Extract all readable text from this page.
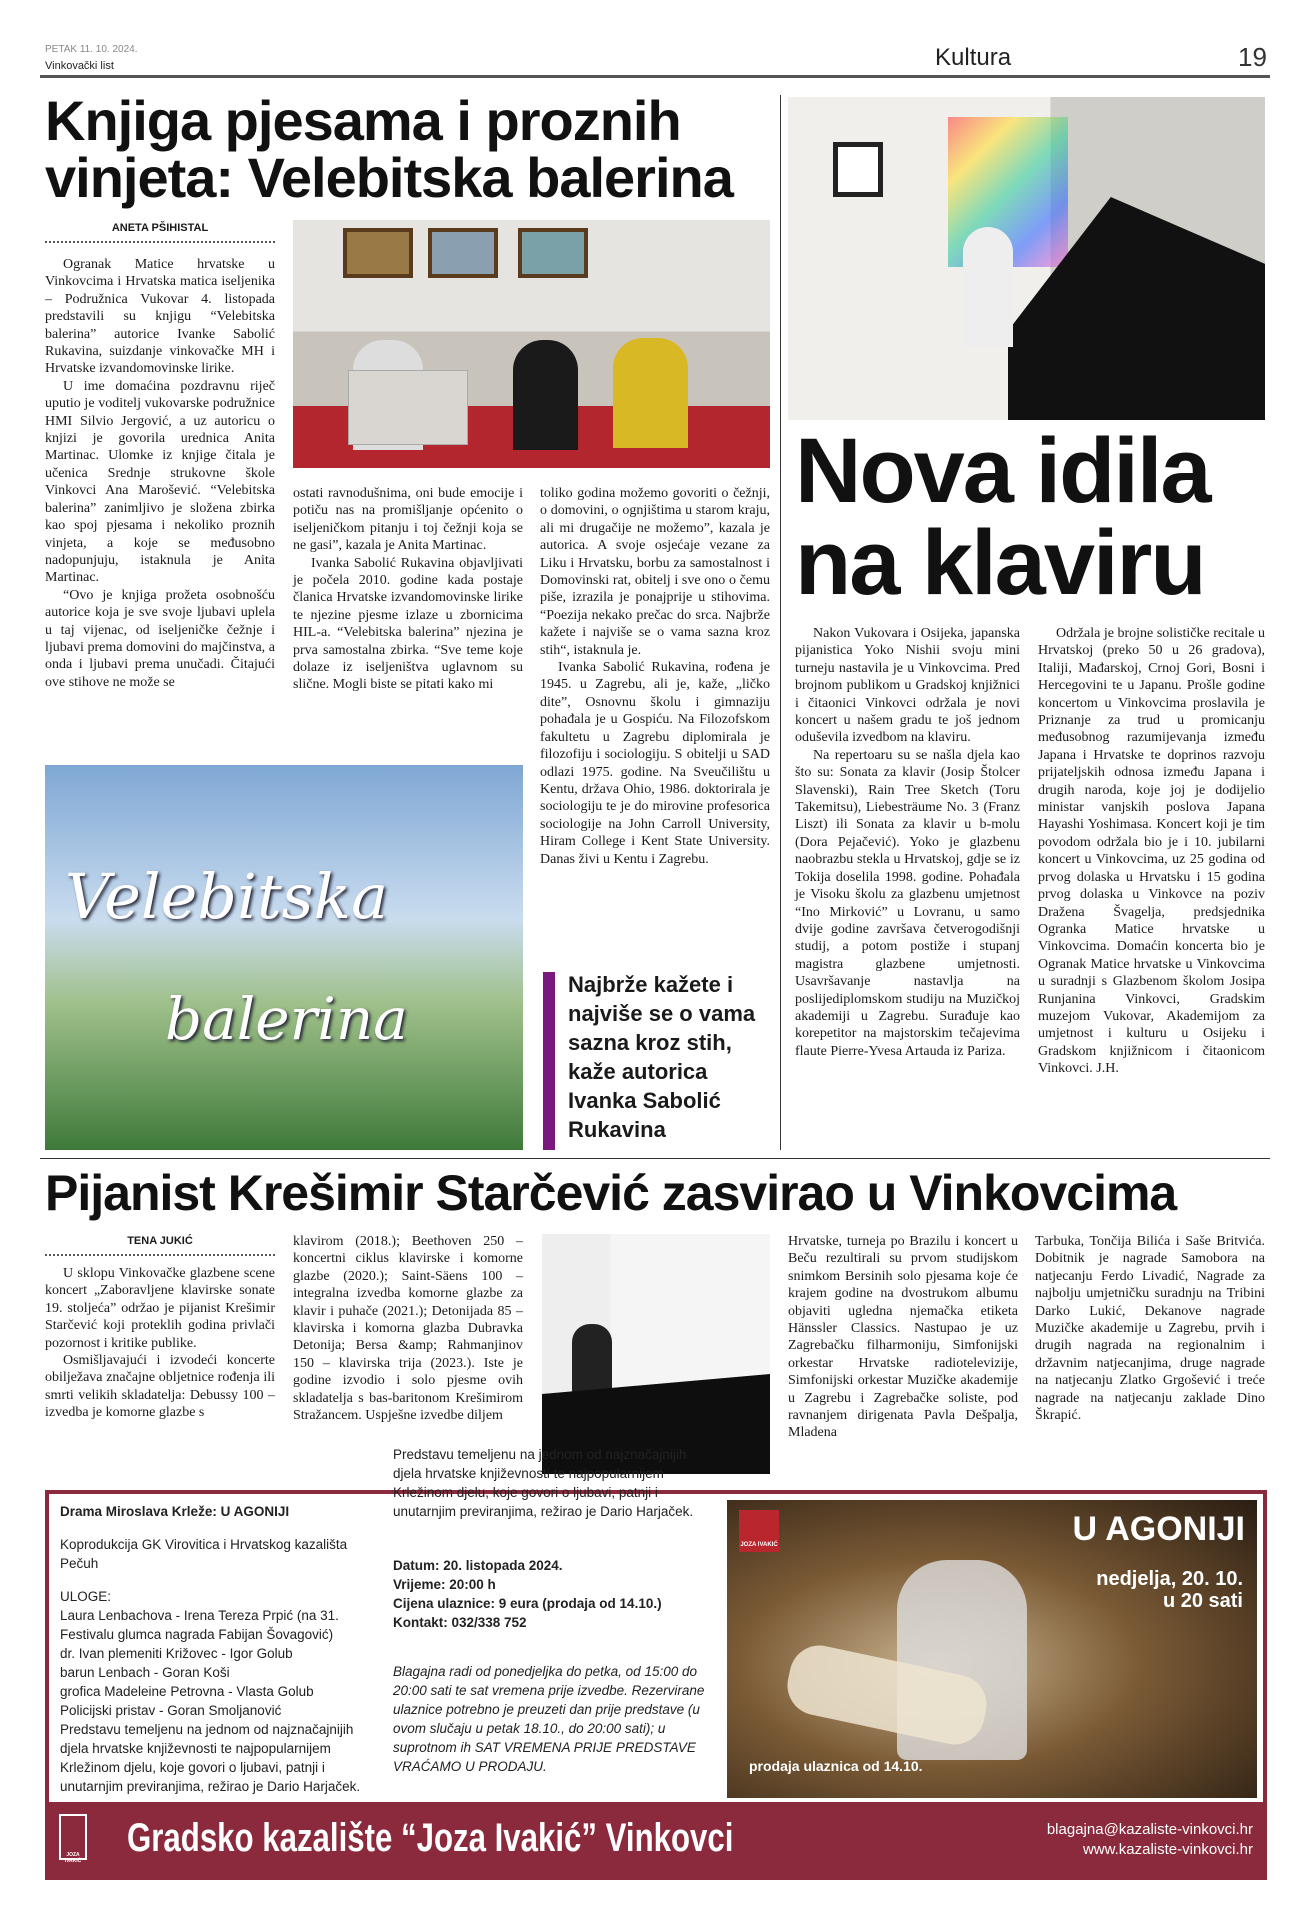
PETAK 11. 10. 2024.
Vinkovački list	Kultura	19
Knjiga pjesama i proznih vinjeta: Velebitska balerina
ANETA PŠIHISTAL

Ogranak Matice hrvatske u Vinkovcima i Hrvatska matica iseljenika – Podružnica Vukovar 4. listopada predstavili su knjigu “Velebitska balerina” autorice Ivanke Sabolić Rukavina, suizdanje vinkovačke MH i Hrvatske izvandomovinske lirike.

U ime domaćina pozdravnu riječ uputio je voditelj vukovarske podružnice HMI Silvio Jergović, a uz autoricu o knjizi je govorila urednica Anita Martinac. Ulomke iz knjige čitala je učenica Srednje strukovne škole Vinkovci Ana Marošević. “Velebitska balerina” zanimljivo je složena zbirka kao spoj pjesama i nekoliko proznih vinjeta, a koje se međusobno nadopunjuju, istaknula je Anita Martinac.

“Ovo je knjiga prožeta osobnošću autorice koja je sve svoje ljubavi uplela u taj vijenac, od iseljeničke čežnje i ljubavi prema domovini do majčinstva, a onda i ljubavi prema unučadi. Čitajući ove stihove ne može se

ostati ravnodušnima, oni bude emocije i potiču nas na promišljanje općenito o iseljeničkom pitanju i toj čežnji koja se ne gasi”, kazala je Anita Martinac.

Ivanka Sabolić Rukavina objavljivati je počela 2010. godine kada postaje članica Hrvatske izvandomovinske lirike te njezine pjesme izlaze u zbornicima HIL-a. “Velebitska balerina” njezina je prva samostalna zbirka. “Sve teme koje dolaze iz iseljeništva uglavnom su slične. Mogli biste se pitati kako mi

toliko godina možemo govoriti o čežnji, o domovini, o ognjištima u starom kraju, ali mi drugačije ne možemo”, kazala je autorica. A svoje osjećaje vezane za Liku i Hrvatsku, borbu za samostalnost i Domovinski rat, obitelj i sve ono o čemu piše, izrazila je ponajprije u stihovima. “Poezija nekako prečac do srca. Najbrže kažete i najviše se o vama sazna kroz stih“, istaknula je.

Ivanka Sabolić Rukavina, rođena je 1945. u Zagrebu, ali je, kaže, „ličko dite”, Osnovnu školu i gimnaziju pohađala je u Gospiću. Na Filozofskom fakultetu u Zagrebu diplomirala je filozofiju i sociologiju. S obitelji u SAD odlazi 1975. godine. Na Sveučilištu u Kentu, država Ohio, 1986. doktorirala je sociologiju te je do mirovine profesorica sociologije na John Carroll University, Hiram College i Kent State University. Danas živi u Kentu i Zagrebu.

Velebitska
balerina
Najbrže kažete i najviše se o vama sazna kroz stih, kaže autorica Ivanka Sabolić Rukavina
Nova idila na klaviru

Nakon Vukovara i Osijeka, japanska pijanistica Yoko Nishii svoju mini turneju nastavila je u Vinkovcima. Pred brojnom publikom u Gradskoj knjižnici i čitaonici Vinkovci održala je novi koncert u našem gradu te još jednom oduševila izvedbom na klaviru.

Na repertoaru su se našla djela kao što su: Sonata za klavir (Josip Štolcer Slavenski), Rain Tree Sketch (Toru Takemitsu), Liebesträume No. 3 (Franz Liszt) ili Sonata za klavir u b-molu (Dora Pejačević). Yoko je glazbenu naobrazbu stekla u Hrvatskoj, gdje se iz Tokija doselila 1998. godine. Pohađala je Visoku školu za glazbenu umjetnost “Ino Mirković” u Lovranu, u samo dvije godine završava četverogodišnji studij, a potom postiže i stupanj magistra glazbene umjetnosti. Usavršavanje nastavlja na poslijediplomskom studiju na Muzičkoj akademiji u Zagrebu. Surađuje kao korepetitor na majstorskim tečajevima flaute Pierre-Yvesa Artauda iz Pariza.

Održala je brojne solističke recitale u Hrvatskoj (preko 50 u 26 gradova), Italiji, Mađarskoj, Crnoj Gori, Bosni i Hercegovini te u Japanu. Prošle godine koncertom u Vinkovcima proslavila je Priznanje za trud u promicanju međusobnog razumijevanja između Japana i Hrvatske te doprinos razvoju prijateljskih odnosa između Japana i drugih naroda, koje joj je dodijelio ministar vanjskih poslova Japana Hayashi Yoshimasa. Koncert koji je tim povodom održala bio je i 10. jubilarni koncert u Vinkovcima, uz 25 godina od prvog dolaska u Hrvatsku i 15 godina prvog dolaska u Vinkovce na poziv Dražena Švagelja, predsjednika Ogranka Matice hrvatske u Vinkovcima. Domaćin koncerta bio je Ogranak Matice hrvatske u Vinkovcima u suradnji s Glazbenom školom Josipa Runjanina Vinkovci, Gradskim muzejom Vukovar, Akademijom za umjetnost i kulturu u Osijeku i Gradskom knjižnicom i čitaonicom Vinkovci. J.H.

Pijanist Krešimir Starčević zasvirao u Vinkovcima
TENA JUKIĆ

U sklopu Vinkovačke glazbene scene koncert „Zaboravljene klavirske sonate 19. stoljeća” održao je pijanist Krešimir Starčević koji proteklih godina privlači pozornost i kritike publike.

Osmišljavajući i izvodeći koncerte obilježava značajne obljetnice rođenja ili smrti velikih skladatelja: Debussy 100 – izvedba je komorne glazbe s

klavirom (2018.); Beethoven 250 – koncertni ciklus klavirske i komorne glazbe (2020.); Saint-Säens 100 – integralna izvedba komorne glazbe za klavir i puhače (2021.); Detonijada 85 – klavirska i komorna glazba Dubravka Detonija; Bersa &amp; Rahmanjinov 150 – klavirska trija (2023.). Iste je godine izvodio i solo pjesme ovih skladatelja s bas-baritonom Krešimirom Stražancem. Uspješne izvedbe diljem

Hrvatske, turneja po Brazilu i koncert u Beču rezultirali su prvom studijskom snimkom Bersinih solo pjesama koje će krajem godine na dvostrukom albumu objaviti ugledna njemačka etiketa Hänssler Classics. Nastupao je uz Zagrebačku filharmoniju, Simfonijski orkestar Hrvatske radiotelevizije, Simfonijski orkestar Muzičke akademije u Zagrebu i Zagrebačke soliste, pod ravnanjem dirigenata Pavla Dešpalja, Mladena

Tarbuka, Tončija Bilića i Saše Britvića. Dobitnik je nagrade Samobora na natjecanju Ferdo Livadić, Nagrade za najbolju umjetničku suradnju na Tribini Darko Lukić, Dekanove nagrade Muzičke akademije u Zagrebu, prvih i drugih nagrada na regionalnim i državnim natjecanjima, druge nagrade na natjecanju Zlatko Grgošević i treće nagrade na natjecanju zaklade Dino Škrapić.

Drama Miroslava Krleže: U AGONIJI
Koprodukcija GK Virovitica i Hrvatskog kazališta Pečuh
ULOGE:
Laura Lenbachova - Irena Tereza Prpić (na 31. Festivalu glumca nagrada Fabijan Šovagović)
dr. Ivan plemeniti Križovec - Igor Golub
barun Lenbach - Goran Koši
grofica Madeleine Petrovna - Vlasta Golub
Policijski pristav - Goran Smoljanović
Predstavu temeljenu na jednom od najznačajnijih djela hrvatske književnosti te najpopularnijem Krležinom djelu, koje govori o ljubavi, patnji i unutarnjim previranjima, režirao je Dario Harjaček.
Predstavu temeljenu na jednom od najznačajnijih djela hrvatske književnosti te najpopularnijem Krležinom djelu, koje govori o ljubavi, patnji i unutarnjim previranjima, režirao je Dario Harjaček.
Datum: 20. listopada 2024.
Vrijeme: 20:00 h
Cijena ulaznice: 9 eura (prodaja od 14.10.)
Kontakt: 032/338 752
Blagajna radi od ponedjeljka do petka, od 15:00 do 20:00 sati te sat vremena prije izvedbe. Rezervirane ulaznice potrebno je preuzeti dan prije predstave (u ovom slučaju u petak 18.10., do 20:00 sati); u suprotnom ih SAT VREMENA PRIJE PREDSTAVE VRAĆAMO U PRODAJU.
JOZA IVAKIĆ	U AGONIJI
nedjelja, 20. 10.
u 20 sati
prodaja ulaznica od 14.10.
JOZA IVAKIĆ
Gradsko kazalište “Joza Ivakić” Vinkovci	blagajna@kazaliste-vinkovci.hr
www.kazaliste-vinkovci.hr
